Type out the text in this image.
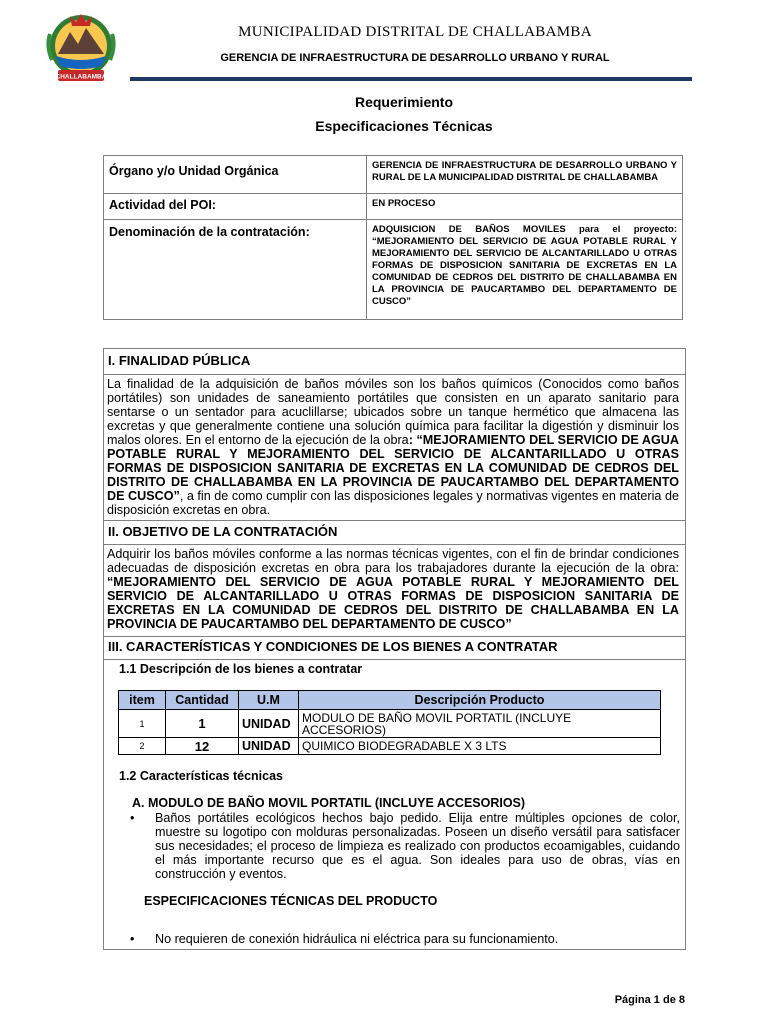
CHALLABAMBA
MUNICIPALIDAD DISTRITAL DE CHALLABAMBA
GERENCIA DE INFRAESTRUCTURA DE DESARROLLO URBANO Y RURAL
Requerimiento
Especificaciones Técnicas
Órgano y/o Unidad Orgánica	GERENCIA DE INFRAESTRUCTURA DE DESARROLLO URBANO Y RURAL DE LA MUNICIPALIDAD DISTRITAL DE CHALLABAMBA
Actividad del POI:	EN PROCESO
Denominación de la contratación:	ADQUISICION DE BAÑOS MOVILES para el proyecto: “MEJORAMIENTO DEL SERVICIO DE AGUA POTABLE RURAL Y MEJORAMIENTO DEL SERVICIO DE ALCANTARILLADO U OTRAS FORMAS DE DISPOSICION SANITARIA DE EXCRETAS EN LA COMUNIDAD DE CEDROS DEL DISTRITO DE CHALLABAMBA EN LA PROVINCIA DE PAUCARTAMBO DEL DEPARTAMENTO DE CUSCO”
I. FINALIDAD PÚBLICA
La finalidad de la adquisición de baños móviles son los baños químicos (Conocidos como baños portátiles) son unidades de saneamiento portátiles que consisten en un aparato sanitario para sentarse o un sentador para acuclillarse; ubicados sobre un tanque hermético que almacena las excretas y que generalmente contiene una solución química para facilitar la digestión y disminuir los malos olores. En el entorno de la ejecución de la obra: “MEJORAMIENTO DEL SERVICIO DE AGUA POTABLE RURAL Y MEJORAMIENTO DEL SERVICIO DE ALCANTARILLADO U OTRAS FORMAS DE DISPOSICION SANITARIA DE EXCRETAS EN LA COMUNIDAD DE CEDROS DEL DISTRITO DE CHALLABAMBA EN LA PROVINCIA DE PAUCARTAMBO DEL DEPARTAMENTO DE CUSCO”, a fin de como cumplir con las disposiciones legales y normativas vigentes en materia de disposición excretas en obra.
II. OBJETIVO DE LA CONTRATACIÓN
Adquirir los baños móviles conforme a las normas técnicas vigentes, con el fin de brindar condiciones adecuadas de disposición excretas en obra para los trabajadores durante la ejecución de la obra: “MEJORAMIENTO DEL SERVICIO DE AGUA POTABLE RURAL Y MEJORAMIENTO DEL SERVICIO DE ALCANTARILLADO U OTRAS FORMAS DE DISPOSICION SANITARIA DE EXCRETAS EN LA COMUNIDAD DE CEDROS DEL DISTRITO DE CHALLABAMBA EN LA PROVINCIA DE PAUCARTAMBO DEL DEPARTAMENTO DE CUSCO”
III. CARACTERÍSTICAS Y CONDICIONES DE LOS BIENES A CONTRATAR
1.1 Descripción de los bienes a contratar
item	Cantidad	U.M	Descripción Producto
1	1	UNIDAD	MODULO DE BAÑO MOVIL PORTATIL (INCLUYE ACCESORIOS)
2	12	UNIDAD	QUIMICO BIODEGRADABLE X 3 LTS
1.2 Características técnicas
A. MODULO DE BAÑO MOVIL PORTATIL (INCLUYE ACCESORIOS)
• Baños portátiles ecológicos hechos bajo pedido. Elija entre múltiples opciones de color, muestre su logotipo con molduras personalizadas. Poseen un diseño versátil para satisfacer sus necesidades; el proceso de limpieza es realizado con productos ecoamigables, cuidando el más importante recurso que es el agua. Son ideales para uso de obras, vías en construcción y eventos.
ESPECIFICACIONES TÉCNICAS DEL PRODUCTO
• No requieren de conexión hidráulica ni eléctrica para su funcionamiento.
Página 1 de 8
